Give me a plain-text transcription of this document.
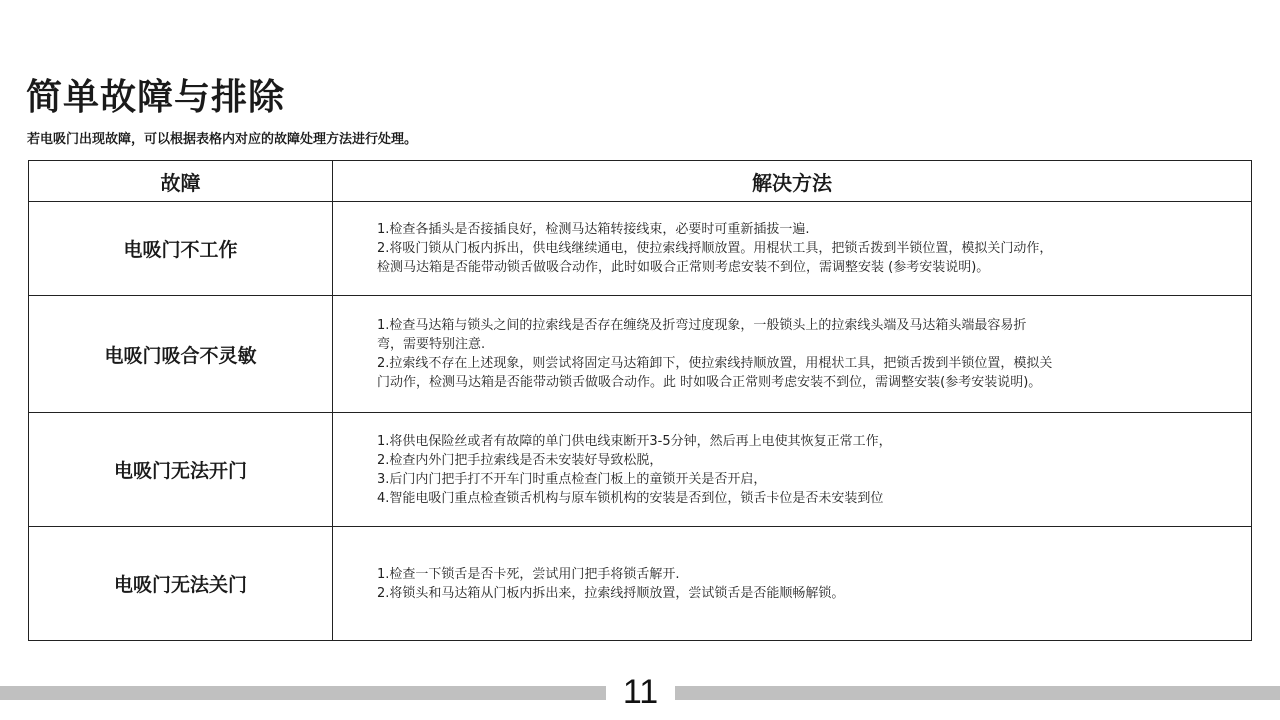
简单故障与排除

若电吸门出现故障，可以根据表格内对应的故障处理方法进行处理。

故障	解决方法
电吸门不工作	1.检查各插头是否接插良好，检测马达箱转接线束，必要时可重新插拔一遍.
2.将吸门锁从门板内拆出，供电线继续通电，使拉索线捋顺放置。用棍状工具，把锁舌拨到半锁位置，模拟关门动作，
检测马达箱是否能带动锁舌做吸合动作，此时如吸合正常则考虑安装不到位，需调整安装 (参考安装说明)。

电吸门吸合不灵敏	1.检查马达箱与锁头之间的拉索线是否存在缠绕及折弯过度现象，一般锁头上的拉索线头端及马达箱头端最容易折
弯，需要特别注意.
2.拉索线不存在上述现象，则尝试将固定马达箱卸下，使拉索线持顺放置，用棍状工具，把锁舌拨到半锁位置，模拟关
门动作，检测马达箱是否能带动锁舌做吸合动作。此 时如吸合正常则考虑安装不到位，需调整安装(参考安装说明)。

电吸门无法开门	1.将供电保险丝或者有故障的单门供电线束断开3-5分钟，然后再上电使其恢复正常工作，
2.检查内外门把手拉索线是否未安装好导致松脱，
3.后门内门把手打不开车门时重点检查门板上的童锁开关是否开启，
4.智能电吸门重点检查锁舌机构与原车锁机构的安装是否到位，锁舌卡位是否未安装到位

电吸门无法关门	1.检查一下锁舌是否卡死，尝试用门把手将锁舌解开.
2.将锁头和马达箱从门板内拆出来，拉索线捋顺放置，尝试锁舌是否能顺畅解锁。
11
